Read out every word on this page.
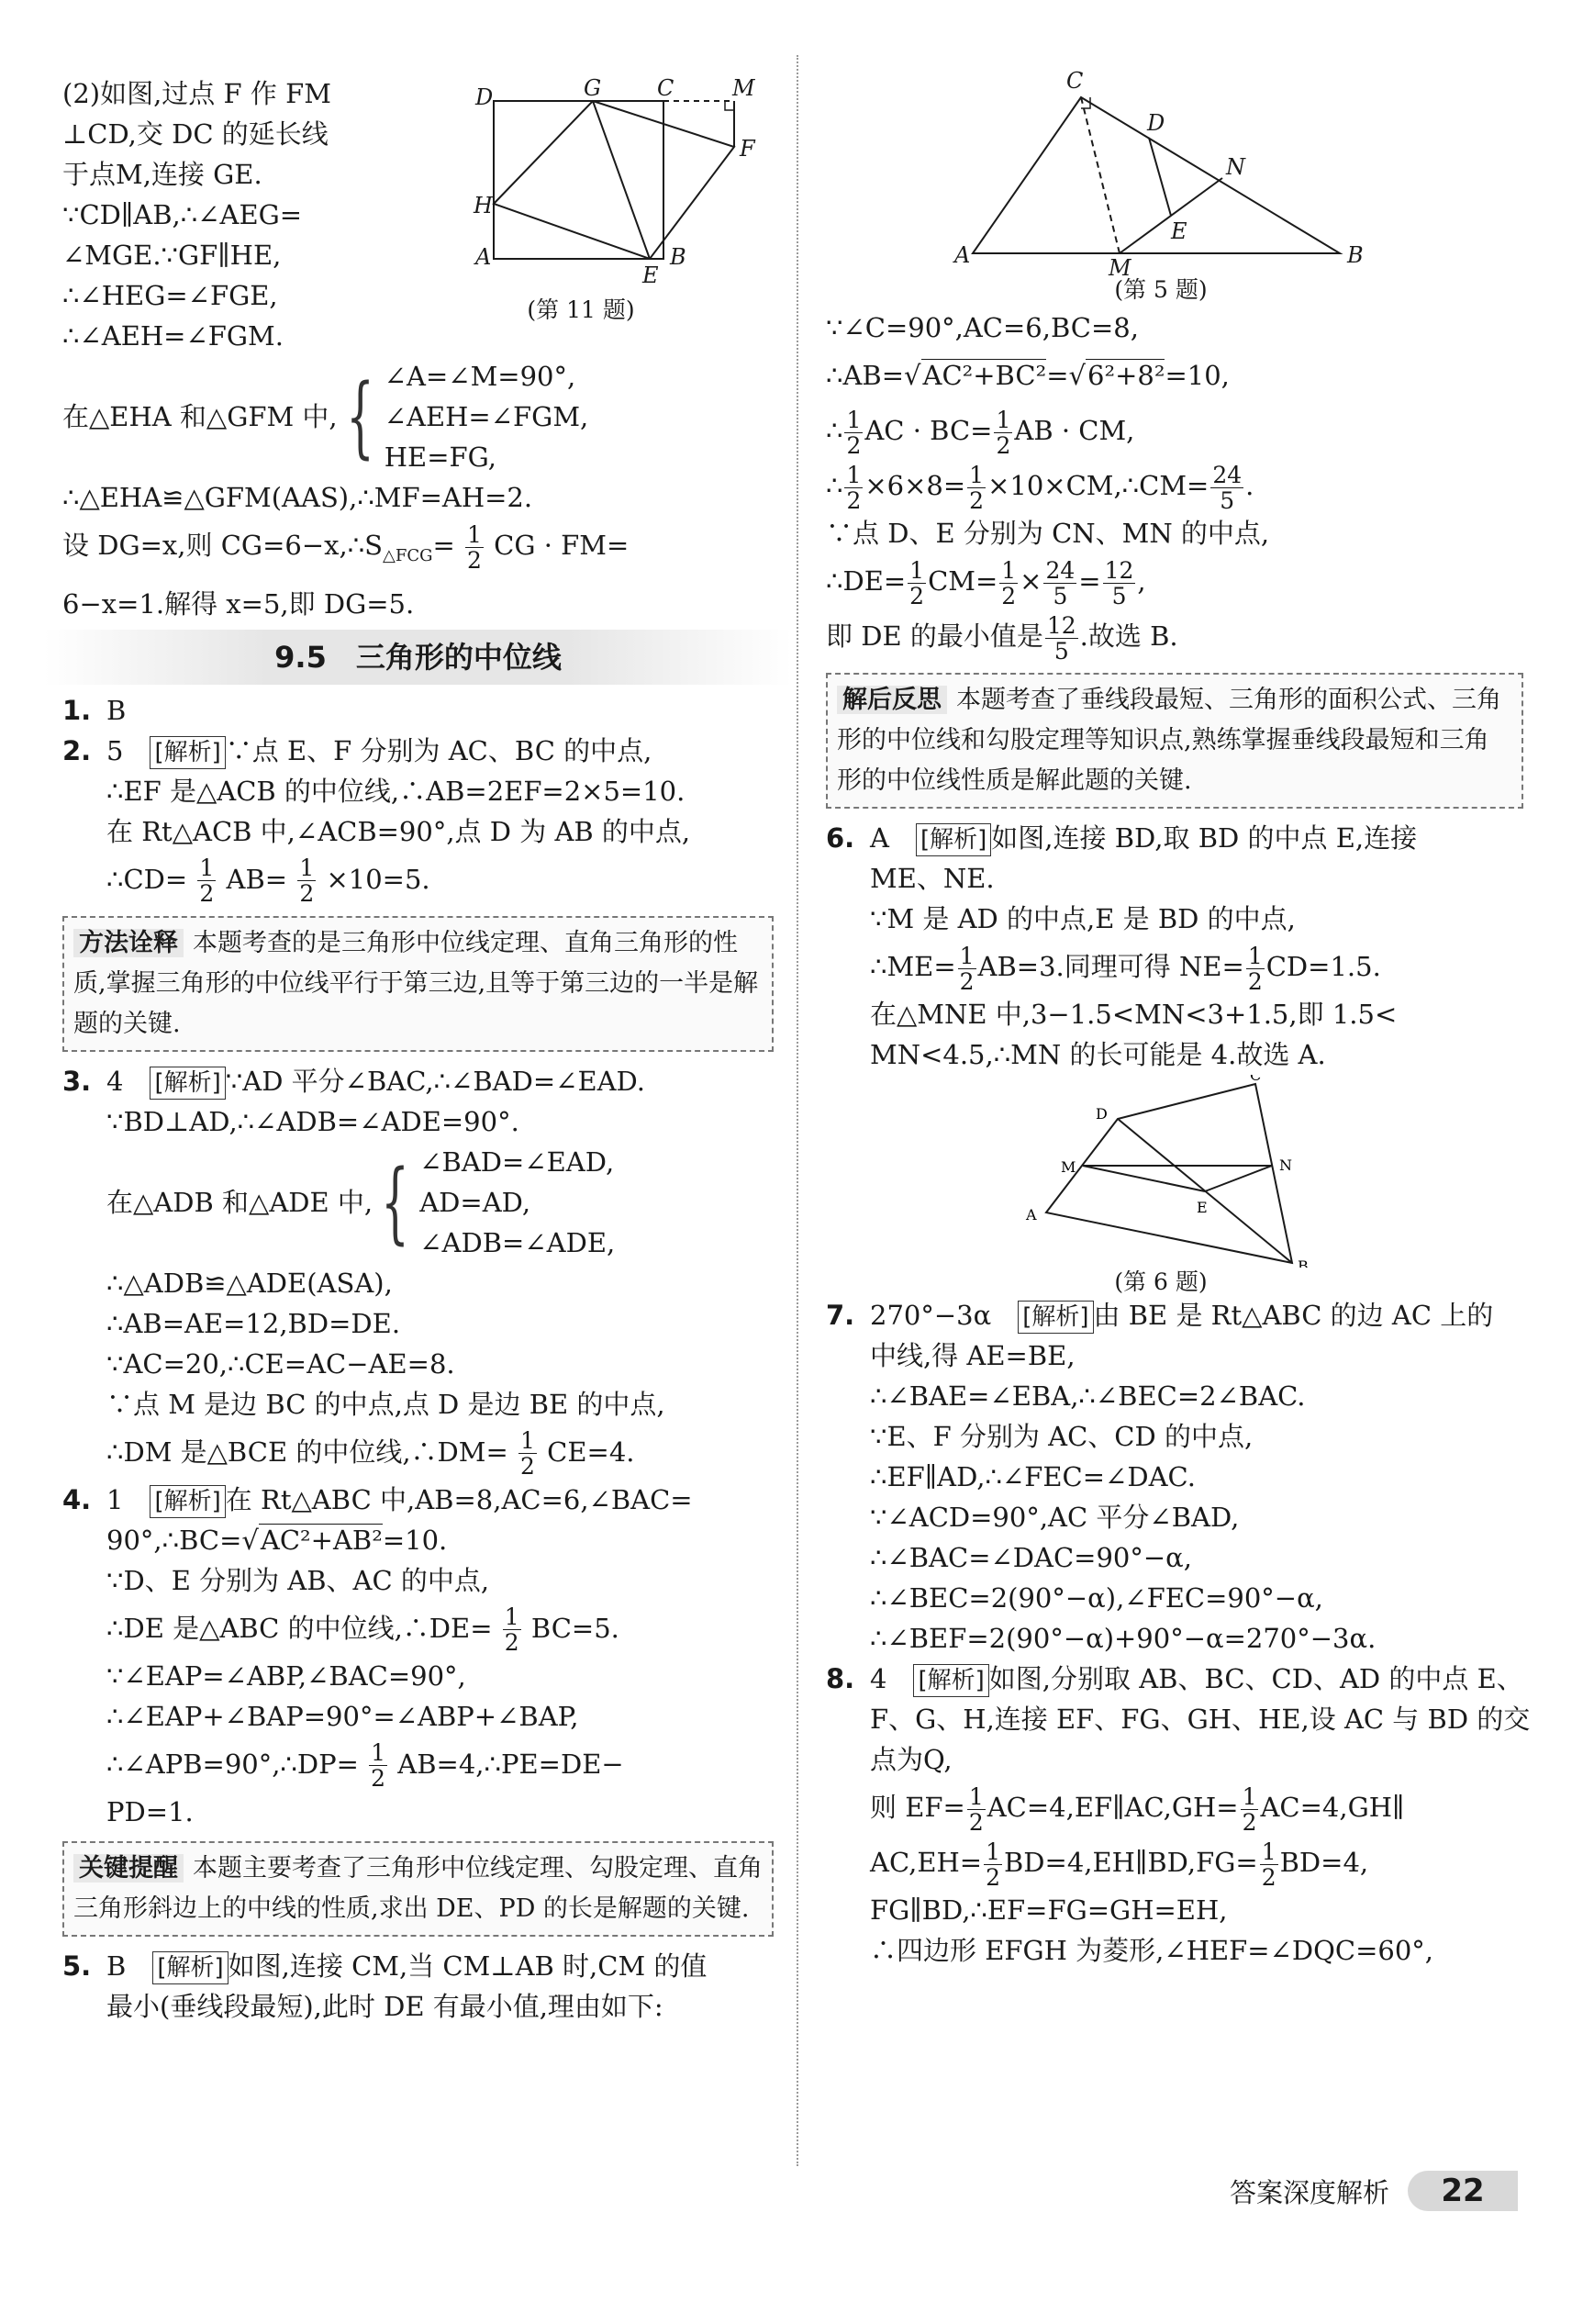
(2)如图,过点 F 作 FM
⊥CD,交 DC 的延长线
于点M,连接 GE.
∵CD∥AB,∴∠AEG=
∠MGE.∵GF∥HE,
∴∠HEG=∠FGE,
∴∠AEH=∠FGM.
在△EHA 和△GFM 中, { ∠A=∠M=90°,
∠AEH=∠FGM,
HE=FG,
∴△EHA≌△GFM(AAS),∴MF=AH=2.
设 DG=x,则 $CG=6-x,\therefore S_{\triangle FCG}= \frac{1}{2}$ CG · FM=
6−x=1.解得 x=5,即 DG=5.
9.5　三角形的中位线
1. B
2. 5　 [解析] ∵点 E、F 分别为 AC、BC 的中点,
∴EF 是△ACB 的中位线,∴AB=2EF=2×5=10.
在 Rt△ACB 中,∠ACB=90°,点 D 为 AB 的中点,
∴CD= $\frac{1}{2} AB= \frac{1}{2} \times 10=5$.
方法诠释 本题考查的是三角形中位线定理、直角三角形的性质,掌握三角形的中位线平行于第三边,且等于第三边的一半是解题的关键.
3. 4　 [解析] ∵AD 平分∠BAC,∴∠BAD=∠EAD.
∵BD⊥AD,∴∠ADB=∠ADE=90°.
在△ADB 和△ADE 中, { ∠BAD=∠EAD,
AD=AD,
∠ADB=∠ADE,
∴△ADB≌△ADE(ASA),
∴AB=AE=12,BD=DE.
∵AC=20,∴CE=AC−AE=8.
∵点 M 是边 BC 的中点,点 D 是边 BE 的中点,
∴DM 是△BCE 的中位线,∴DM= $\frac{1}{2} CE=4$.
4. 1　 [解析] 在 Rt△ABC 中,AB=8,AC=6,∠BAC=
90°,∴BC=√AC²+AB²=10.
∵D、E 分别为 AB、AC 的中点,
∴DE 是△ABC 的中位线,∴DE= $\frac{1}{2} BC=5$.
∵∠EAP=∠ABP,∠BAC=90°,
∴∠EAP+∠BAP=90°=∠ABP+∠BAP,
∴∠APB=90°,∴DP= $\frac{1}{2}$ AB=4,∴PE=DE−
PD=1.
关键提醒 本题主要考查了三角形中位线定理、勾股定理、直角三角形斜边上的中线的性质,求出 DE、PD 的长是解题的关键.
5. B　 [解析] 如图,连接 CM,当 CM⊥AB 时,CM 的值
最小(垂线段最短),此时 DE 有最小值,理由如下:
D	G	C	M
F
H
A
E
B
(第 11 题)
C
D
N
E
A	M	B
(第 5 题)
∵∠C=90°,AC=6,BC=8,
∴AB=√AC²+BC²=√6²+8²=10,
∴ $\frac{1}{2}$ AC · $BC= \frac{1}{2}$ AB · CM,
∴ $\frac{1}{2} \times 6\times 8= \frac{1}{2}$ ×10×CM,∴CM= $\frac{24}{5}$ .
∵点 D、E 分别为 CN、MN 的中点,
∴DE= $\frac{1}{2} CM= \frac{1}{2} \times \frac{24}{5} = \frac{12}{5}$ ,
即 DE 的最小值是 $\frac{12}{5}$ .故选 B.
解后反思 本题考查了垂线段最短、三角形的面积公式、三角形的中位线和勾股定理等知识点,熟练掌握垂线段最短和三角形的中位线性质是解此题的关键.
6. A　 [解析] 如图,连接 BD,取 BD 的中点 E,连接
ME、NE.
∵M 是 AD 的中点,E 是 BD 的中点,
∴ME= $\frac{1}{2} AB=3$.同理可得 $NE= \frac{1}{2} CD=1.5$.
在△MNE 中,3−1.5<MN<3+1.5,即 1.5<
MN<4.5,∴MN 的长可能是 4.故选 A.
C
D
N
M
E
A
B
(第 6 题)
7. 270°−3α　 [解析] 由 BE 是 Rt△ABC 的边 AC 上的
中线,得 AE=BE,
∴∠BAE=∠EBA,∴∠BEC=2∠BAC.
∵E、F 分别为 AC、CD 的中点,
∴EF∥AD,∴∠FEC=∠DAC.
∵∠ACD=90°,AC 平分∠BAD,
∴∠BAC=∠DAC=90°−α,
∴∠BEC=2(90°−α),∠FEC=90°−α,
∴∠BEF=2(90°−α)+90°−α=270°−3α.
8. 4　 [解析] 如图,分别取 AB、BC、CD、AD 的中点 E、
F、G、H,连接 EF、FG、GH、HE,设 AC 与 BD 的交
点为Q,
则 $EF= \frac{1}{2}$ AC=4,EF∥AC,GH= $\frac{1}{2}$ AC=4,GH∥
$AC,EH= \frac{1}{2}$ BD=4,EH∥BD,FG= $\frac{1}{2} BD=4$,
FG∥BD,∴EF=FG=GH=EH,
∴四边形 EFGH 为菱形,∠HEF=∠DQC=60°,
答案深度解析	22
